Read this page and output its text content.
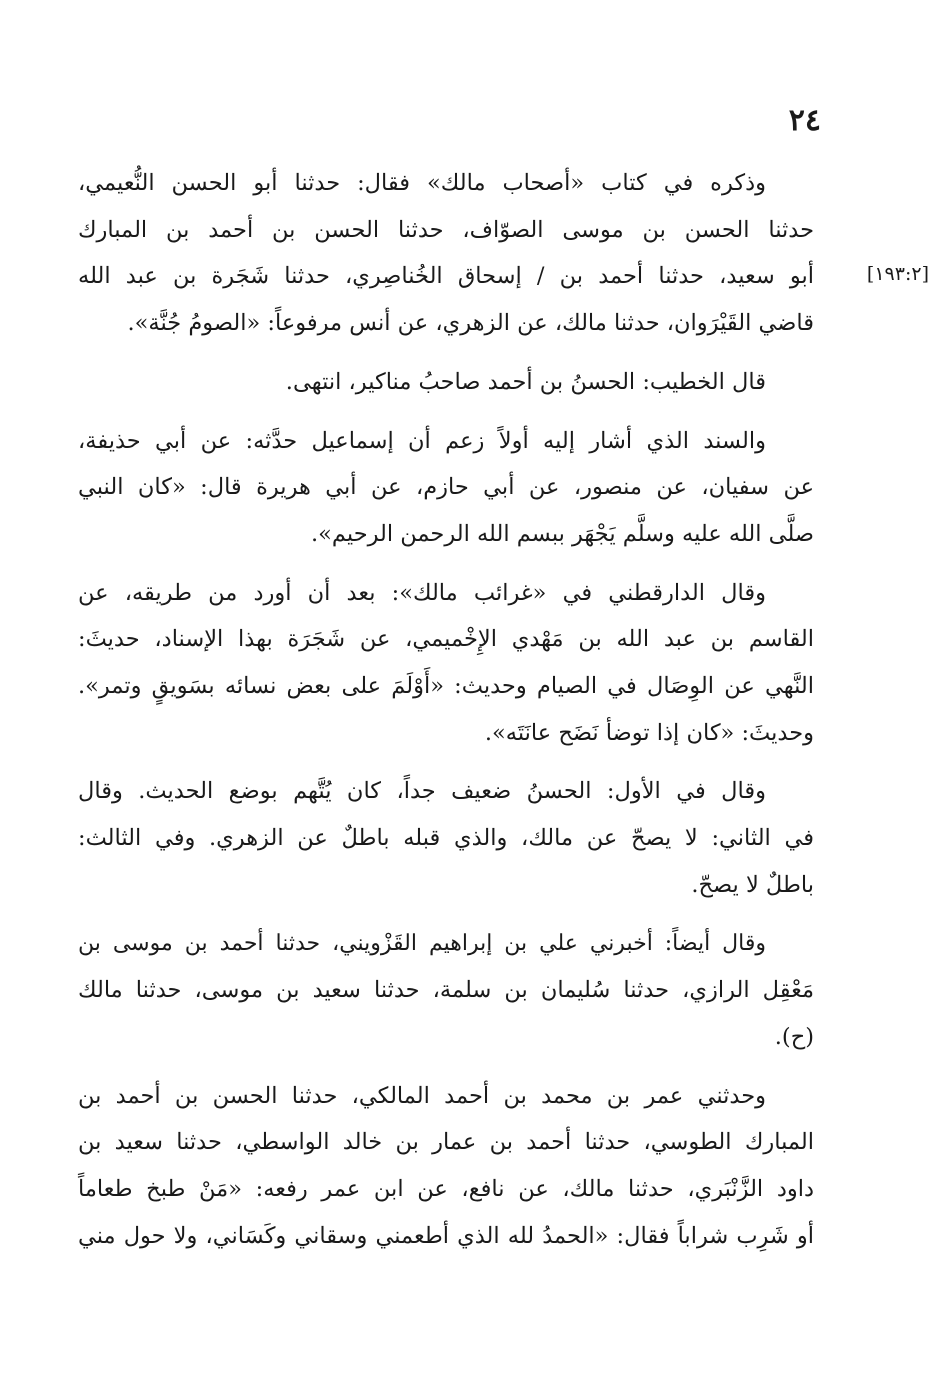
٢٤
[١٩٣:٢]

وذكره في كتاب «أصحاب مالك» فقال: حدثنا أبو الحسن النُّعيمي،
حدثنا الحسن بن موسى الصوّاف، حدثنا الحسن بن أحمد بن المبارك
أبو سعيد، حدثنا أحمد بن / إسحاق الخُناصِري، حدثنا شَجَرة بن عبد الله
قاضي القَيْرَوان، حدثنا مالك، عن الزهري، عن أنس مرفوعاً: «الصومُ جُنَّة».

قال الخطيب: الحسنُ بن أحمد صاحبُ مناكير، انتهى.

والسند الذي أشار إليه أولاً زعم أن إسماعيل حدَّثه: عن أبي حذيفة،
عن سفيان، عن منصور، عن أبي حازم، عن أبي هريرة قال: «كان النبي
صلَّى الله عليه وسلَّم يَجْهَر ببسم الله الرحمن الرحيم».

وقال الدارقطني في «غرائب مالك»: بعد أن أورد من طريقه، عن
القاسم بن عبد الله بن مَهْدي الإِخْميمي، عن شَجَرَة بهذا الإسناد، حديثَ:
النَّهي عن الوِصَال في الصيام وحديث: «أَوْلَمَ على بعض نسائه بسَويقٍ وتمر».
وحديثَ: «كان إذا توضأ نَضَح عانَتَه».

وقال في الأول: الحسنُ ضعيف جداً، كان يُتَّهم بوضع الحديث. وقال
في الثاني: لا يصحّ عن مالك، والذي قبله باطلٌ عن الزهري. وفي الثالث:
باطلٌ لا يصحّ.

وقال أيضاً: أخبرني علي بن إبراهيم القَزْويني، حدثنا أحمد بن موسى بن
مَعْقِل الرازي، حدثنا سُليمان بن سلمة، حدثنا سعيد بن موسى، حدثنا مالك
(ح).

وحدثني عمر بن محمد بن أحمد المالكي، حدثنا الحسن بن أحمد بن
المبارك الطوسي، حدثنا أحمد بن عمار بن خالد الواسطي، حدثنا سعيد بن
داود الزَّنْبَري، حدثنا مالك، عن نافع، عن ابن عمر رفعه: «مَنْ طبخ طعاماً
أو شَرِب شراباً فقال: «الحمدُ لله الذي أطعمني وسقاني وكَسَاني، ولا حول مني
